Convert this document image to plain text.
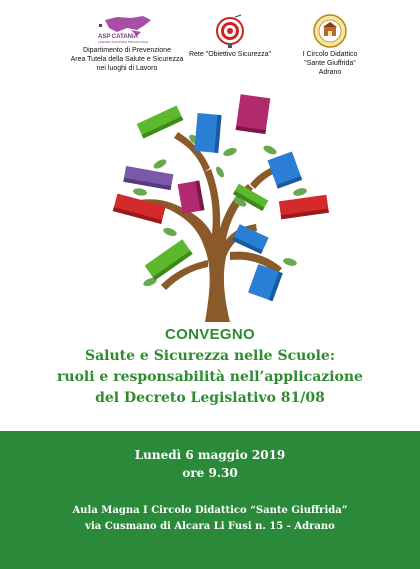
ASP CATANIA
AZIENDA SANITARIA PROVINCIALE
Dipartimento di Prevenzione
Area Tutela della Salute e Sicurezza
nei luoghi di Lavoro
Rete "Obiettivo Sicurezza"	I Circolo Didattico
"Sante Giuffrida"
Adrano
CONVEGNO
Salute e Sicurezza nelle Scuole:
ruoli e responsabilità nell’applicazione
del Decreto Legislativo 81/08
Lunedì 6 maggio 2019
ore 9.30
Aula Magna I Circolo Didattico “Sante Giuffrida”
via Cusmano di Alcara Li Fusi n. 15 - Adrano
